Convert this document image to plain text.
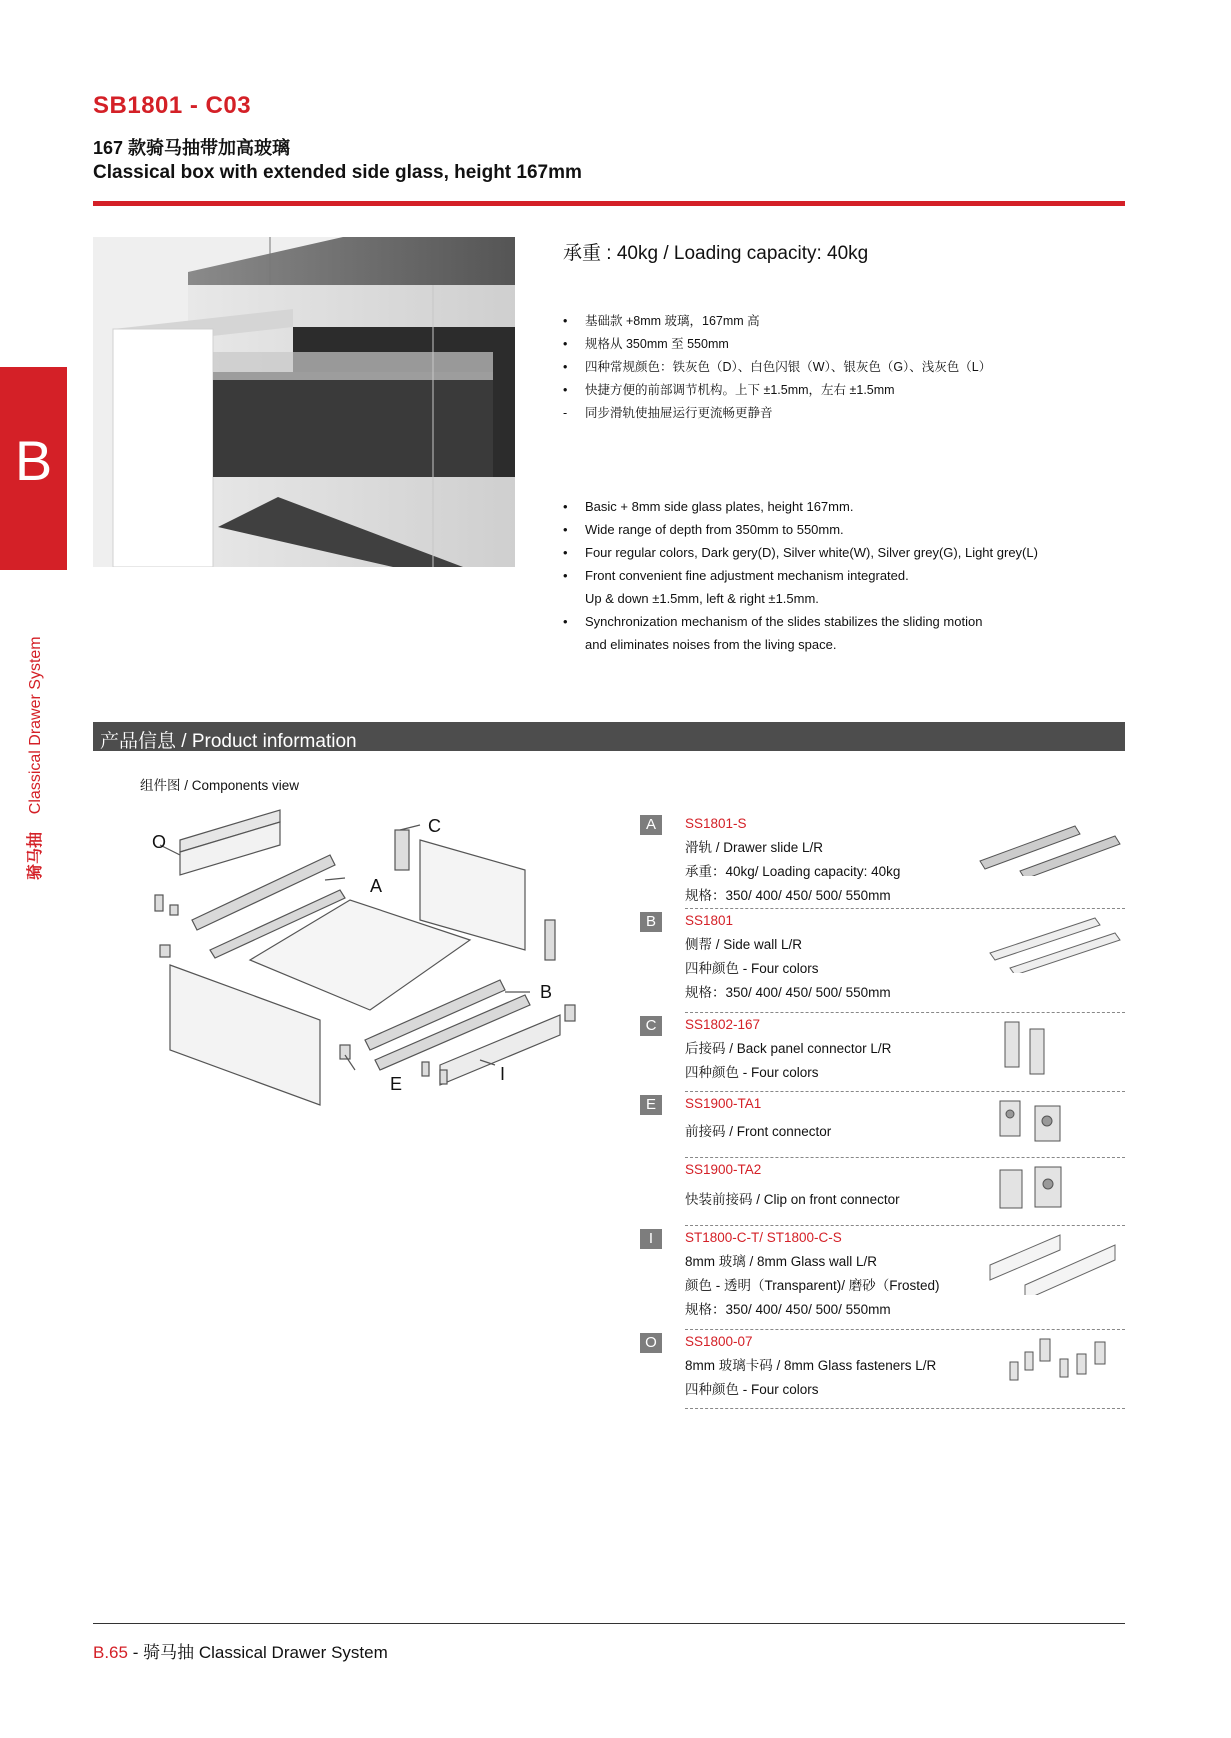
SB1801 - C03
167 款骑马抽带加高玻璃
Classical box with extended side glass, height 167mm
B
骑马抽    Classical Drawer System
承重 : 40kg / Loading capacity: 40kg
•	基础款 +8mm 玻璃，167mm 高
•	规格从 350mm 至 550mm
•	四种常规颜色：铁灰色（D）、白色闪银（W）、银灰色（G）、浅灰色（L）
•	快捷方便的前部调节机构。上下 ±1.5mm，左右 ±1.5mm
-	同步滑轨使抽屉运行更流畅更静音
•	Basic + 8mm side glass plates, height 167mm.
•	Wide range of depth from 350mm to 550mm.
•	Four regular colors, Dark gery(D), Silver white(W), Silver grey(G), Light grey(L)
•	Front convenient fine adjustment mechanism integrated.
Up & down ±1.5mm, left & right ±1.5mm.
•	Synchronization mechanism of the slides stabilizes the sliding motion
and eliminates noises from the living space.
产品信息 / Product information
组件图 / Components view
O
C
A
B
E	I
A	SS1801-S
滑轨 / Drawer slide L/R
承重：40kg/ Loading capacity: 40kg
规格：350/ 400/ 450/ 500/ 550mm
B	SS1801
侧帮 / Side wall L/R
四种颜色 - Four colors
规格：350/ 400/ 450/ 500/ 550mm
C	SS1802-167
后接码 / Back panel connector L/R
四种颜色 - Four colors
E	SS1900-TA1
前接码 / Front connector
SS1900-TA2
快装前接码 / Clip on front connector
I	ST1800-C-T/ ST1800-C-S
8mm 玻璃 / 8mm Glass wall L/R
颜色 - 透明（Transparent)/ 磨砂（Frosted)
规格：350/ 400/ 450/ 500/ 550mm
O	SS1800-07
8mm 玻璃卡码 / 8mm Glass fasteners L/R
四种颜色 - Four colors
B.65 - 骑马抽 Classical Drawer System
